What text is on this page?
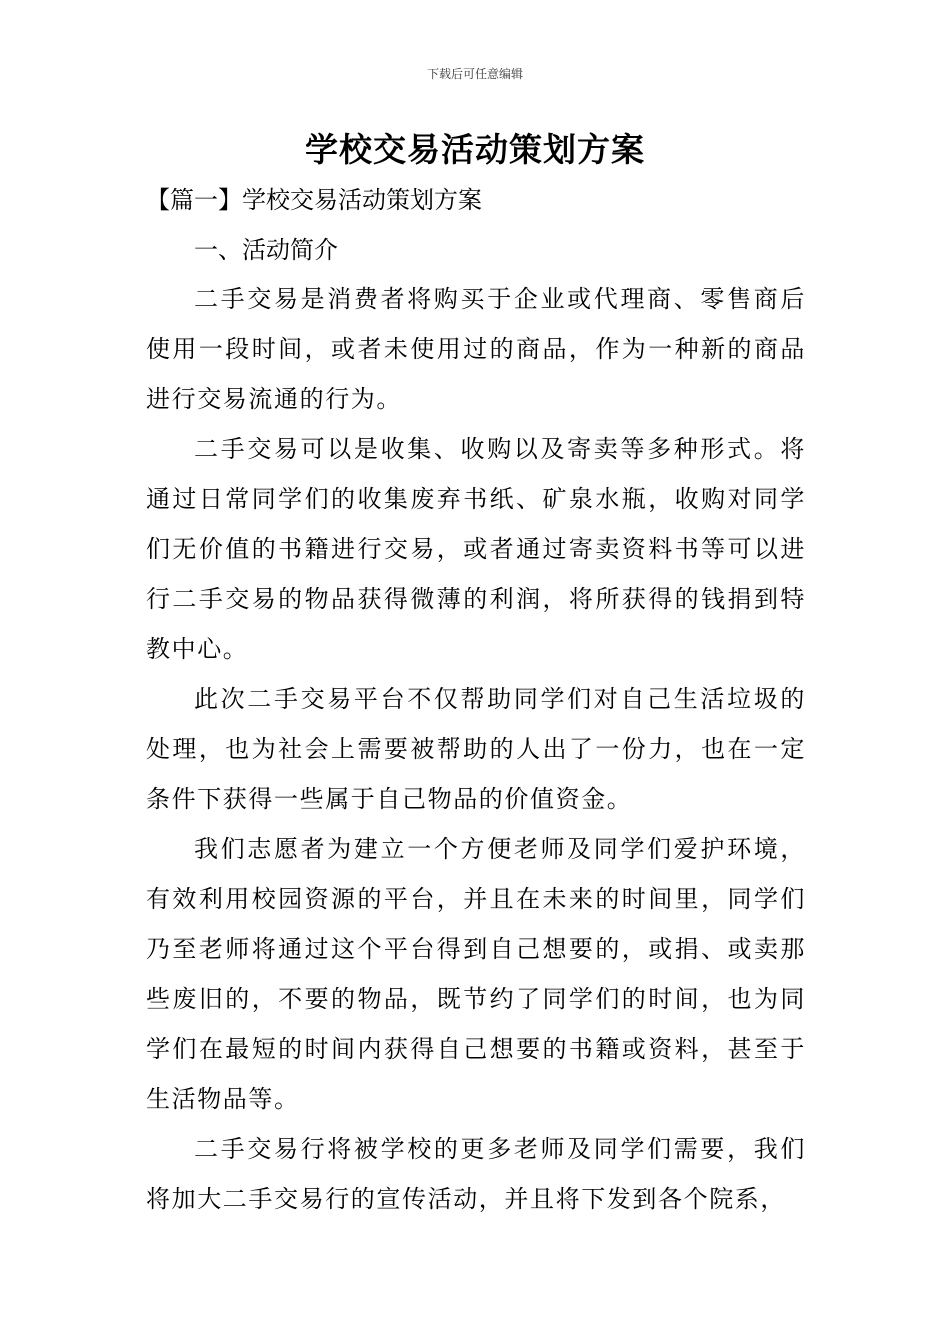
下载后可任意编辑
学校交易活动策划方案

【篇一】学校交易活动策划方案

一、活动简介

二手交易是消费者将购买于企业或代理商、零售商后使用一段时间，或者未使用过的商品，作为一种新的商品进行交易流通的行为。

二手交易可以是收集、收购以及寄卖等多种形式。将通过日常同学们的收集废弃书纸、矿泉水瓶，收购对同学们无价值的书籍进行交易，或者通过寄卖资料书等可以进行二手交易的物品获得微薄的利润，将所获得的钱捐到特教中心。

此次二手交易平台不仅帮助同学们对自己生活垃圾的处理，也为社会上需要被帮助的人出了一份力，也在一定条件下获得一些属于自己物品的价值资金。

我们志愿者为建立一个方便老师及同学们爱护环境，有效利用校园资源的平台，并且在未来的时间里，同学们乃至老师将通过这个平台得到自己想要的，或捐、或卖那些废旧的，不要的物品，既节约了同学们的时间，也为同学们在最短的时间内获得自己想要的书籍或资料，甚至于生活物品等。

二手交易行将被学校的更多老师及同学们需要，我们将加大二手交易行的宣传活动，并且将下发到各个院系，
